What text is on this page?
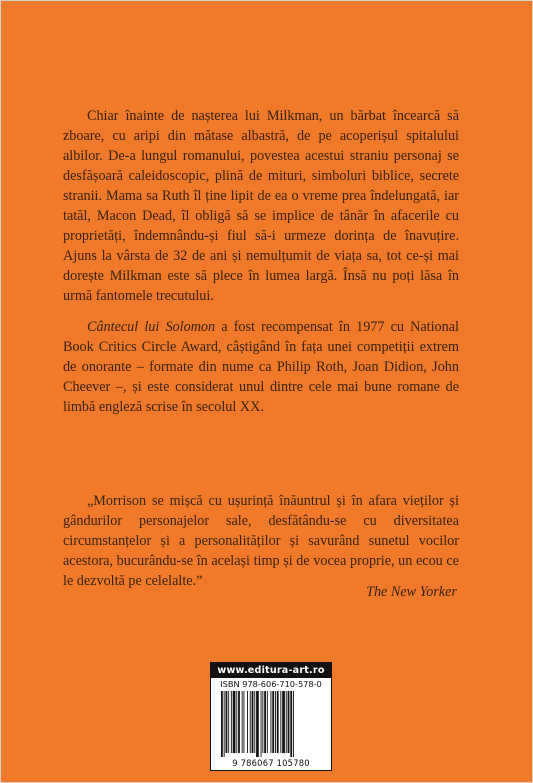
Chiar înainte de nașterea lui Milkman, un bărbat încearcă să zboare, cu aripi din mătase albastră, de pe acoperișul spitalului albilor. De-a lungul romanului, povestea acestui straniu personaj se desfășoară caleidoscopic, plină de mituri, simboluri biblice, secrete stranii. Mama sa Ruth îl ține lipit de ea o vreme prea îndelungată, iar tatăl, Macon Dead, îl obligă să se implice de tânăr în afacerile cu proprietăți, îndemnându-și fiul să-i urmeze dorința de înavuțire. Ajuns la vârsta de 32 de ani și nemulțumit de viața sa, tot ce-și mai dorește Milkman este să plece în lumea largă. Însă nu poți lăsa în urmă fantomele trecutului.

Cântecul lui Solomon a fost recompensat în 1977 cu National Book Critics Circle Award, câștigând în fața unei competiții extrem de onorante – formate din nume ca Philip Roth, Joan Didion, John Cheever –, și este considerat unul dintre cele mai bune romane de limbă engleză scrise în secolul XX.

„Morrison se mișcă cu ușurință înăuntrul și în afara vieților și gândurilor personajelor sale, desfătându-se cu diversitatea circumstanțelor și a personalităților și savurând sunetul vocilor acestora, bucurându-se în același timp și de vocea proprie, un ecou ce le dezvoltă pe celelalte.”

The New Yorker
www.editura-art.ro
ISBN 978-606-710-578-0
9 786067 105780
